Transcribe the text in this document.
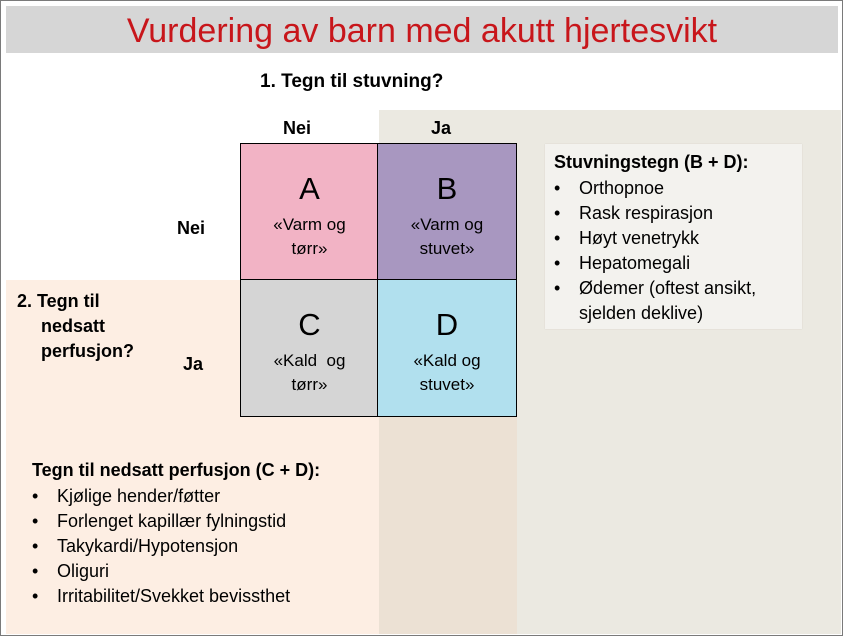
Vurdering av barn med akutt hjertesvikt
1. Tegn til stuvning?
2. Tegn til
nedsatt
perfusjon?
Nei	Ja
Nei
Ja
A
«Varm og
tørr»
B
«Varm og
stuvet»
C
«Kald  og
tørr»
D
«Kald og
stuvet»
Stuvningstegn (B + D):
• Orthopnoe
• Rask respirasjon
• Høyt venetrykk
• Hepatomegali
• Ødemer (oftest ansikt,
sjelden deklive)
Tegn til nedsatt perfusjon (C + D):
• Kjølige hender/føtter
• Forlenget kapillær fylningstid
• Takykardi/Hypotensjon
• Oliguri
• Irritabilitet/Svekket bevissthet
